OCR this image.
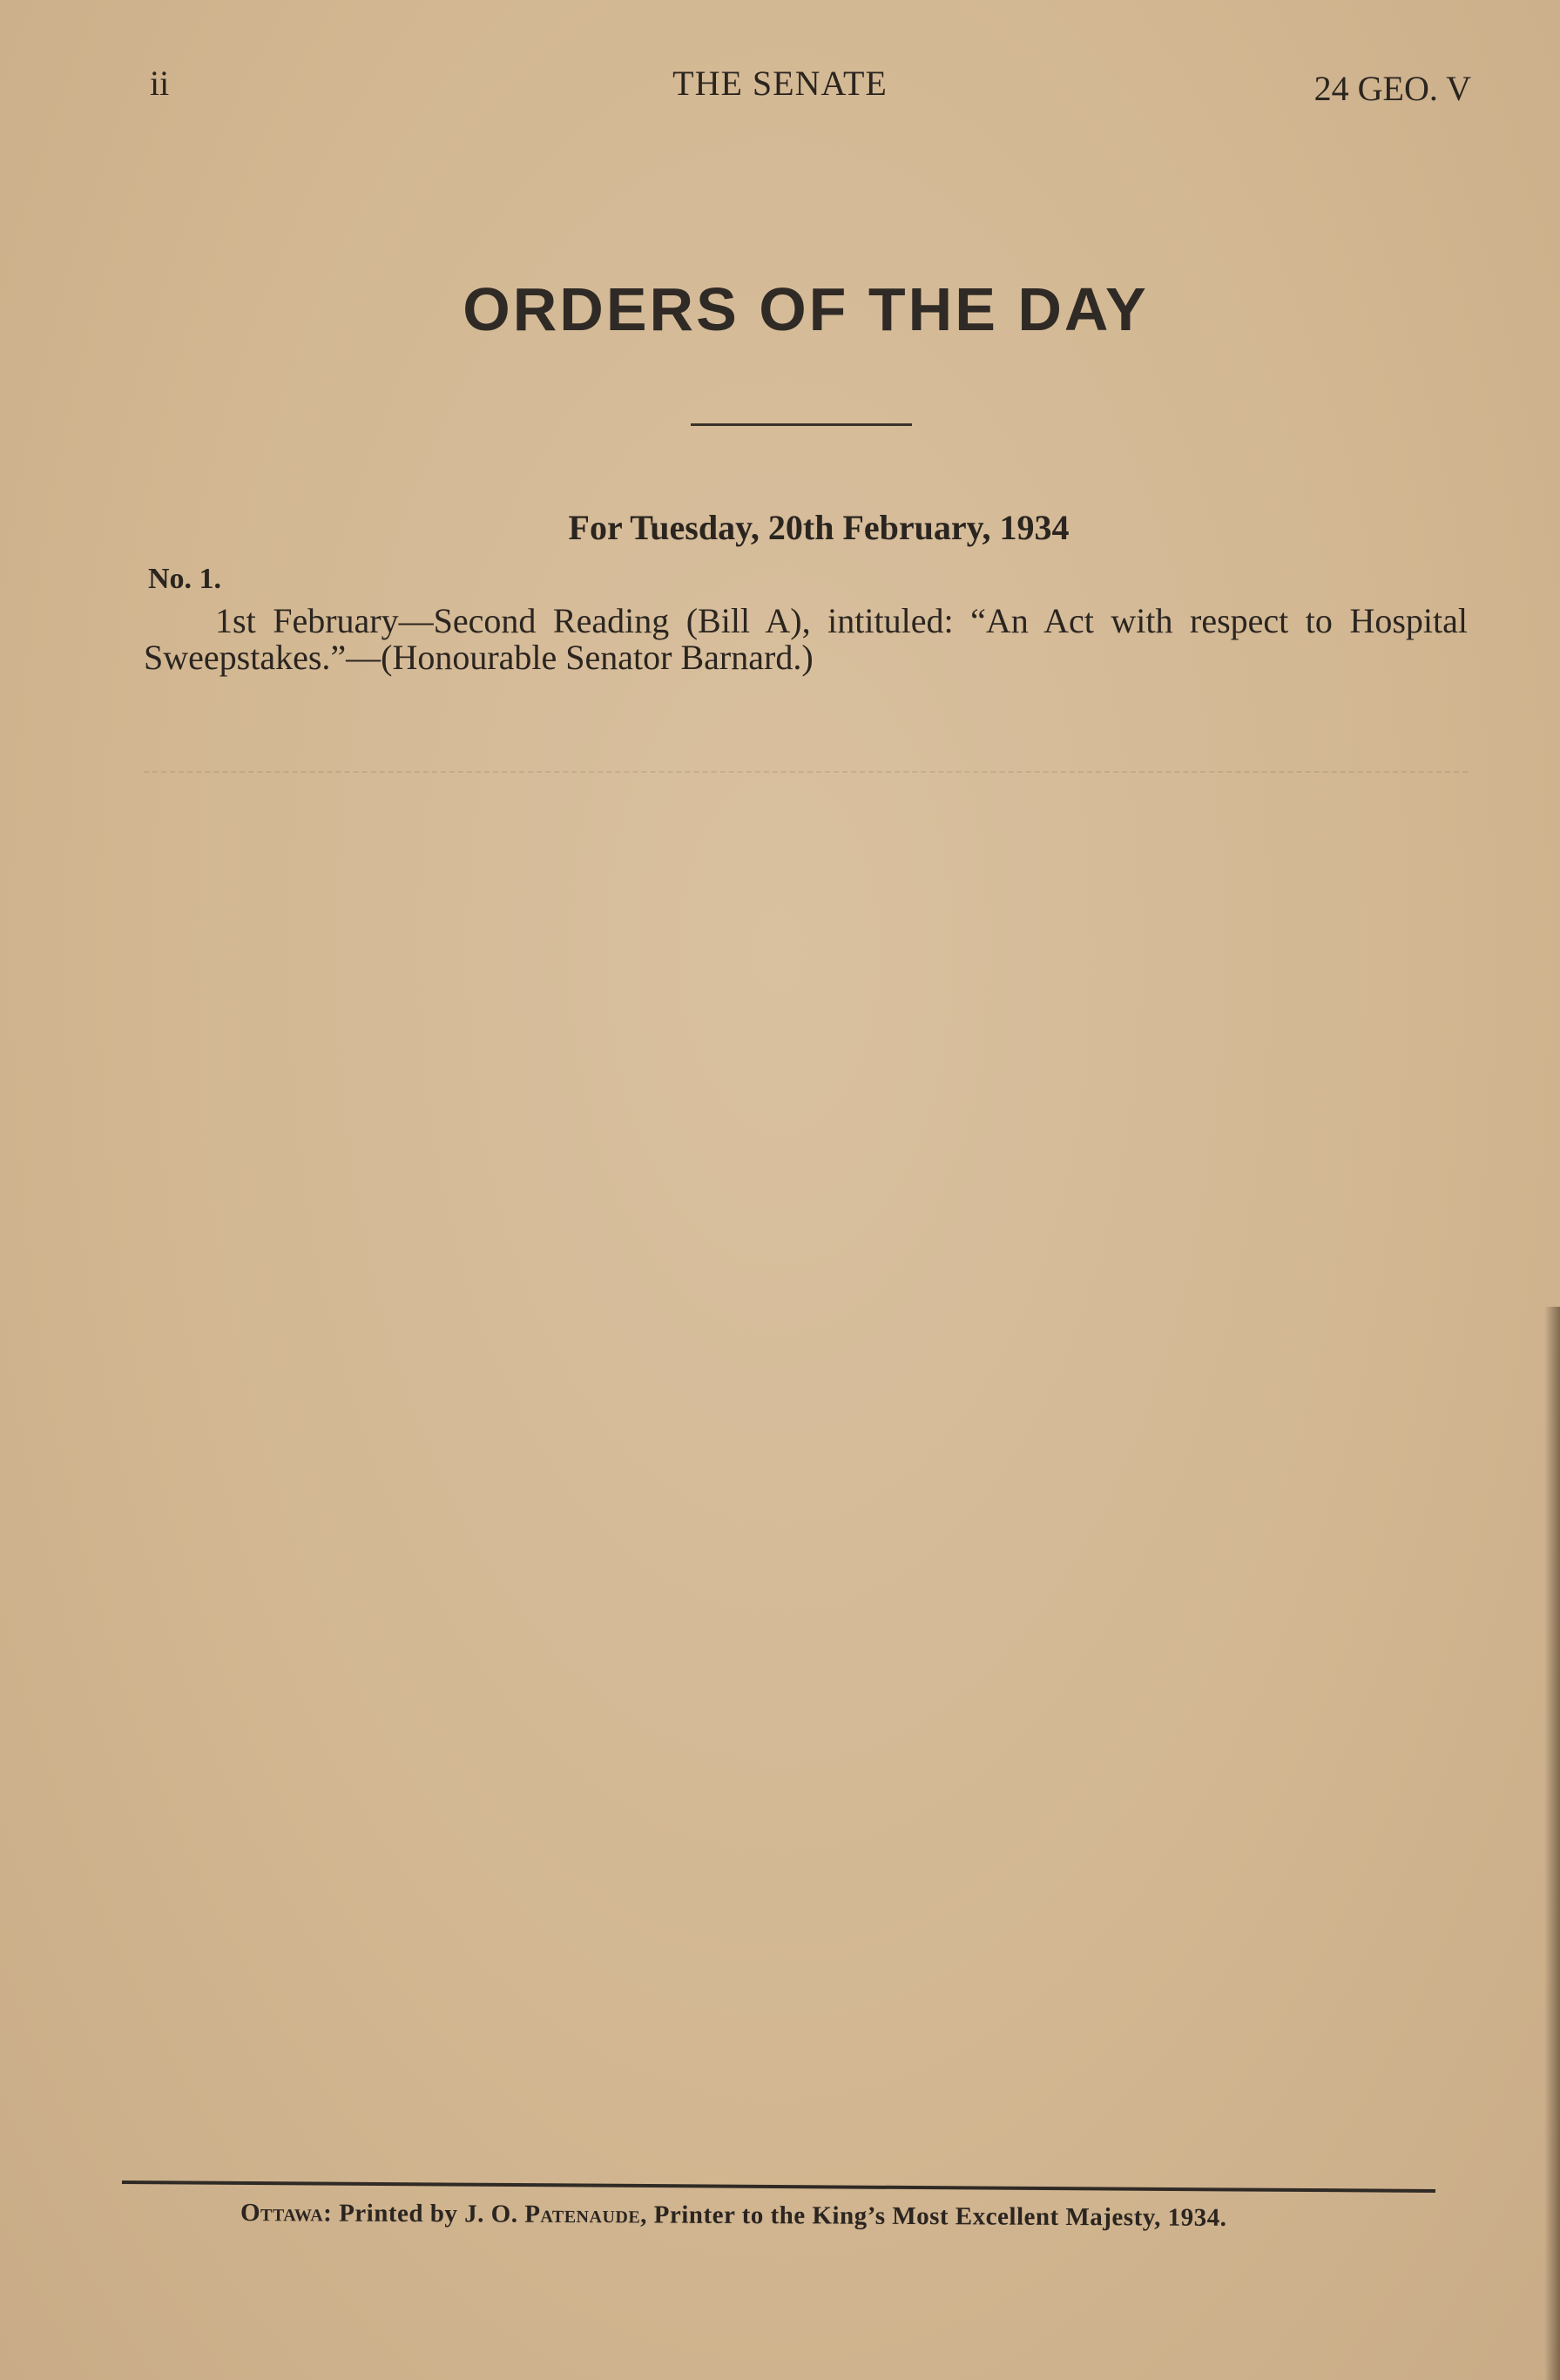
ii	THE SENATE	24 GEO. V
ORDERS OF THE DAY
For Tuesday, 20th February, 1934
No. 1.
1st February—Second Reading (Bill A), intituled: “An Act with respect to Hospital Sweepstakes.”—(Honourable Senator Barnard.)
Ottawa: Printed by J. O. Patenaude, Printer to the King’s Most Excellent Majesty, 1934.
